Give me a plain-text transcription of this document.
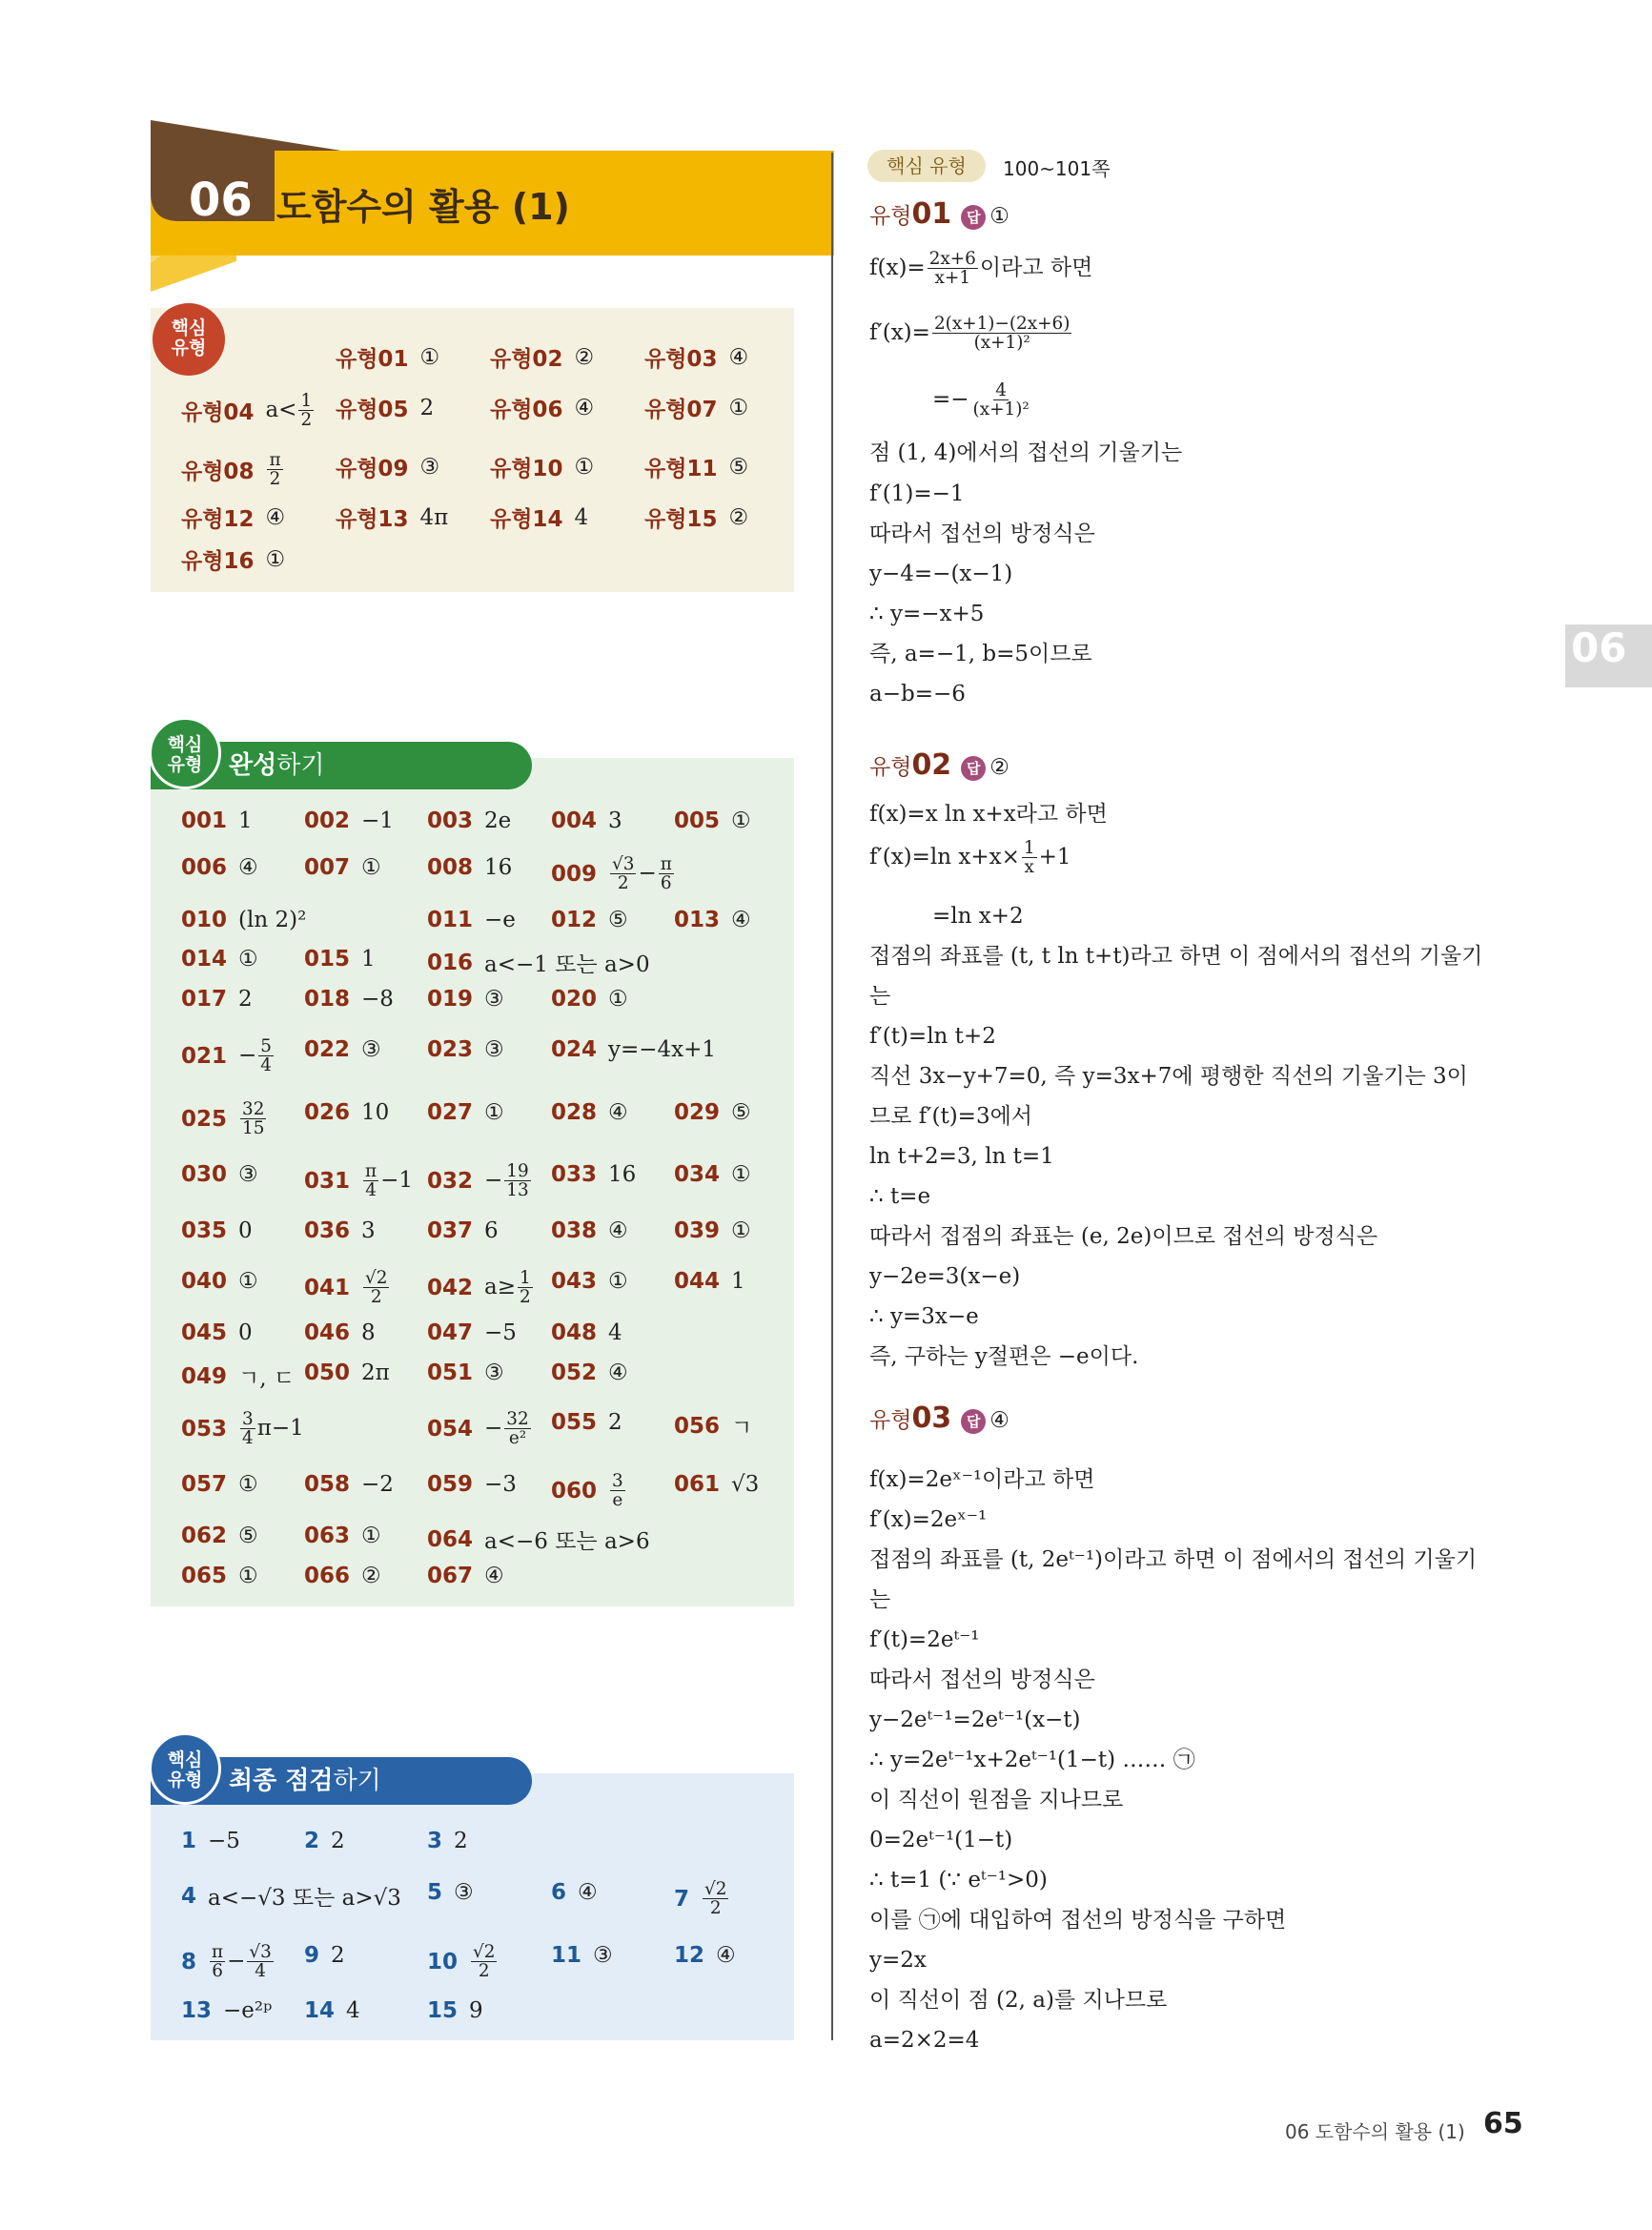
06 도함수의 활용 (1)
핵심
유형
완성하기
핵심
유형
최종 점검하기
핵심
유형
핵심 유형	100~101쪽
유형01 답 ①
$f(x)= \frac{2x+6}{x+1}$ 이라고 하면
$f'(x)= \frac{2(x+1)-(2x+6)}{\text{(x+1)²}}$
=− $\frac{4}{\text{(x+1)²}}$
점 (1, 4)에서의 접선의 기울기는
유형02 답 ②
f(x)=x ln x+x라고 하면
f′(x)=ln $x+x\times \frac{1}{x} +1$
유형03 답 ④
06
06 도함수의 활용 (1) 65
유형01 ① 유형02 ② 유형03 ④
유형04 $a< \frac{1}{2}$ 유형05 2	유형06 ④ 유형07 ①
유형$08 \frac{\pi}{2}$ 유형09 ③ 유형10 ① 유형11 ⑤
유형12 ④ 유형13 4π 유형14 4	유형15 ②
유형16 ①
001 1 002 −1 003 2e 004 3 005 ①
006 ④ 007 ① 008 16 $009 \frac{√3}{2} - \frac{\pi}{6}$
010 (ln 2)²	011 −e 012 ⑤ 013 ④
014 ① 015 1 016 a<−1 또는 a>0
017 2 018 −8 019 ③ 020 ①
$021 - \frac{5}{4} 022$ ③ 023 ③ 024 y=−4x+1
$025 \frac{32}{15} 026$ 10 027 ① 028 ④ 029 ⑤
030 ③ $031 \frac{\pi}{4} -1$ $032 - \frac{19}{13} 033$ 16 034 ①
035 0 036 3 037 6 038 ④ 039 ①
040 ① $041 \frac{√2}{2} 042$ $a\ge \frac{1}{2} 043$ ① 044 1
045 0 046 8 047 −5 048 4
049 ㄱ, ㄷ 050 2π 051 ③ 052 ④
$053 \frac{3}{4} \pi-1$	$054 - \frac{32}{\text{e²}} 055$ 2 056 ㄱ
057 ① 058 −2 059 −3 $060 \frac{3}{e} 061$ √3
062 ⑤ 063 ① 064 a<−6 또는 a>6
065 ① 066 ② 067 ④
1 −5	2 2	3 2
4 a<−√3 또는 a>√3 5 ③	6 ④	$7 \frac{√2}{2}$
$8 \frac{\pi}{6} - \frac{√3}{4} 9$ 2	$10 \frac{√2}{2} 11$ ③	12 ④
13 −e²ᵖ 14 4	15 9
f′(1)=−1
따라서 접선의 방정식은
y−4=−(x−1)
∴ y=−x+5
즉, a=−1, b=5이므로
a−b=−6
=ln x+2
접점의 좌표를 (t, t ln t+t)라고 하면 이 점에서의 접선의 기울기
는
f′(t)=ln t+2
직선 3x−y+7=0, 즉 y=3x+7에 평행한 직선의 기울기는 3이
므로 f′(t)=3에서
ln t+2=3, ln t=1
∴ t=e
따라서 접점의 좌표는 (e, 2e)이므로 접선의 방정식은
y−2e=3(x−e)
∴ y=3x−e
즉, 구하는 y절편은 −e이다.
f(x)=2eˣ⁻¹이라고 하면
f′(x)=2eˣ⁻¹
접점의 좌표를 (t, 2eᵗ⁻¹)이라고 하면 이 점에서의 접선의 기울기
는
f′(t)=2eᵗ⁻¹
따라서 접선의 방정식은
y−2eᵗ⁻¹=2eᵗ⁻¹(x−t)
∴ y=2eᵗ⁻¹x+2eᵗ⁻¹(1−t) …… ㉠
이 직선이 원점을 지나므로
0=2eᵗ⁻¹(1−t)
∴ t=1 (∵ eᵗ⁻¹>0)
이를 ㉠에 대입하여 접선의 방정식을 구하면
y=2x
이 직선이 점 (2, a)를 지나므로
a=2×2=4
